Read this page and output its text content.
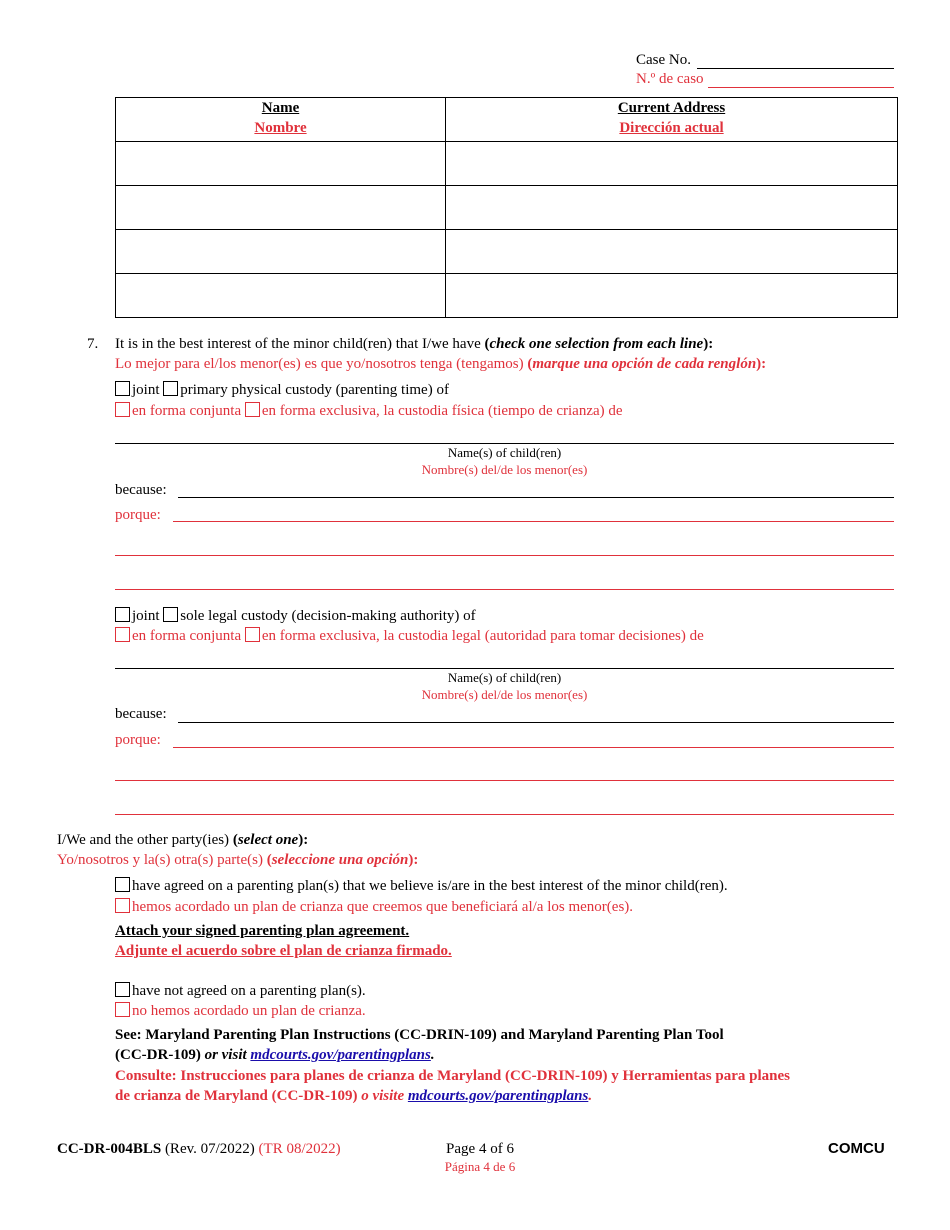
Case No.
N.º de caso
Name
Nombre
Current Address
Dirección actual
7. It is in the best interest of the minor child(ren) that I/we have (check one selection from each line):
Lo mejor para el/los menor(es) es que yo/nosotros tenga (tengamos) (marque una opción de cada renglón):
joint primary physical custody (parenting time) of
en forma conjunta en forma exclusiva, la custodia física (tiempo de crianza) de
Name(s) of child(ren)
Nombre(s) del/de los menor(es)
because:
porque:
joint sole legal custody (decision-making authority) of
en forma conjunta en forma exclusiva, la custodia legal (autoridad para tomar decisiones) de
Name(s) of child(ren)
Nombre(s) del/de los menor(es)
because:
porque:
I/We and the other party(ies) (select one):
Yo/nosotros y la(s) otra(s) parte(s) (seleccione una opción):
have agreed on a parenting plan(s) that we believe is/are in the best interest of the minor child(ren).
hemos acordado un plan de crianza que creemos que beneficiará al/a los menor(es).
Attach your signed parenting plan agreement.
Adjunte el acuerdo sobre el plan de crianza firmado.
have not agreed on a parenting plan(s).
no hemos acordado un plan de crianza.
See: Maryland Parenting Plan Instructions (CC-DRIN-109) and Maryland Parenting Plan Tool
(CC-DR-109) or visit mdcourts.gov/parentingplans.
Consulte: Instrucciones para planes de crianza de Maryland (CC-DRIN-109) y Herramientas para planes
de crianza de Maryland (CC-DR-109) o visite mdcourts.gov/parentingplans.
CC-DR-004BLS (Rev. 07/2022) (TR 08/2022)	Page 4 of 6
Página 4 de 6
COMCU
